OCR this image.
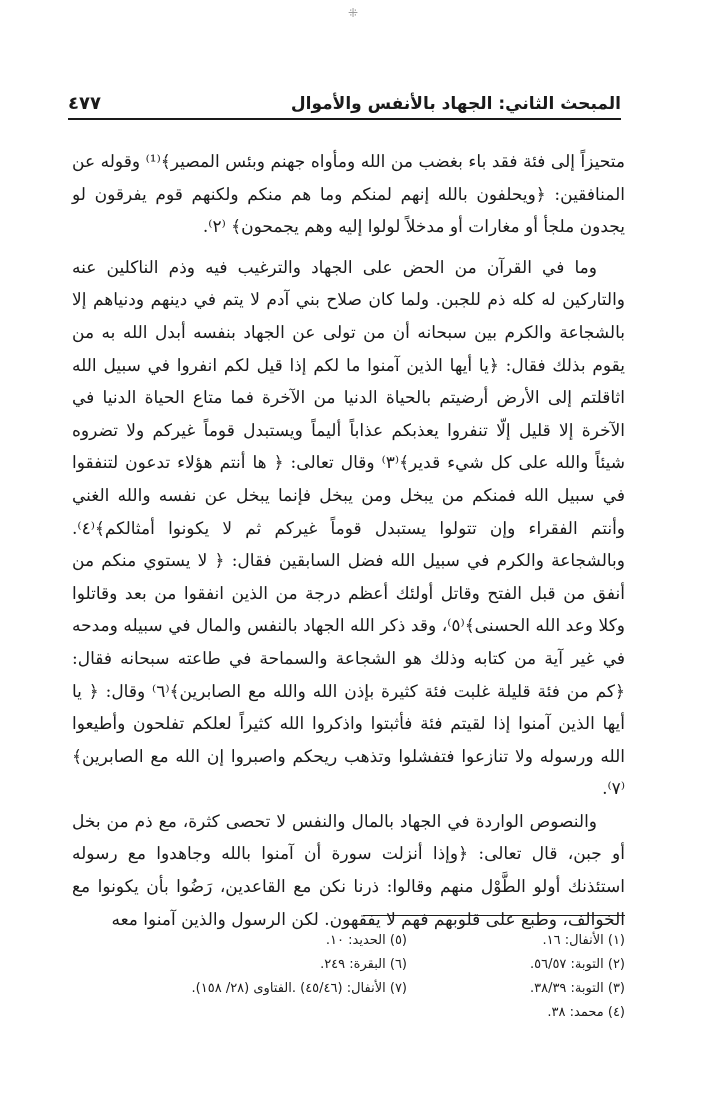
⁜
المبحث الثاني: الجهاد بالأنفس والأموال
٤٧٧

متحيزاً إلى فئة فقد باء بغضب من الله ومأواه جهنم وبئس المصير﴾⁽¹⁾ وقوله عن المنافقين: ﴿ويحلفون بالله إنهم لمنكم وما هم منكم ولكنهم قوم يفرقون لو يجدون ملجأ أو مغارات أو مدخلاً لولوا إليه وهم يجمحون﴾ ⁽٢⁾.

وما في القرآن من الحض على الجهاد والترغيب فيه وذم الناكلين عنه والتاركين له كله ذم للجبن. ولما كان صلاح بني آدم لا يتم في دينهم ودنياهم إلا بالشجاعة والكرم بين سبحانه أن من تولى عن الجهاد بنفسه أبدل الله به من يقوم بذلك فقال: ﴿يا أيها الذين آمنوا ما لكم إذا قيل لكم انفروا في سبيل الله اثاقلتم إلى الأرض أرضيتم بالحياة الدنيا من الآخرة فما متاع الحياة الدنيا في الآخرة إلا قليل إلّا تنفروا يعذبكم عذاباً أليماً ويستبدل قوماً غيركم ولا تضروه شيئاً والله على كل شيء قدير﴾⁽٣⁾ وقال تعالى: ﴿ ها أنتم هؤلاء تدعون لتنفقوا في سبيل الله فمنكم من يبخل ومن يبخل فإنما يبخل عن نفسه والله الغني وأنتم الفقراء وإن تتولوا يستبدل قوماً غيركم ثم لا يكونوا أمثالكم﴾⁽٤⁾. وبالشجاعة والكرم في سبيل الله فضل السابقين فقال: ﴿ لا يستوي منكم من أنفق من قبل الفتح وقاتل أولئك أعظم درجة من الذين انفقوا من بعد وقاتلوا وكلا وعد الله الحسنى﴾⁽٥⁾، وقد ذكر الله الجهاد بالنفس والمال في سبيله ومدحه في غير آية من كتابه وذلك هو الشجاعة والسماحة في طاعته سبحانه فقال: ﴿كم من فئة قليلة غلبت فئة كثيرة بإذن الله والله مع الصابرين﴾⁽٦⁾ وقال: ﴿ يا أيها الذين آمنوا إذا لقيتم فئة فأثبتوا واذكروا الله كثيراً لعلكم تفلحون وأطيعوا الله ورسوله ولا تنازعوا فتفشلوا وتذهب ريحكم واصبروا إن الله مع الصابرين﴾ ⁽٧⁾.

والنصوص الواردة في الجهاد بالمال والنفس لا تحصى كثرة، مع ذم من بخل أو جبن، قال تعالى: ﴿وإذا أنزلت سورة أن آمنوا بالله وجاهدوا مع رسوله استئذنك أولو الطَّوْل منهم وقالوا: ذرنا نكن مع القاعدين، رَضُوا بأن يكونوا مع الخوالف، وطبع على قلوبهم فهم لا يفقهون. لكن الرسول والذين آمنوا معه

(١) الأنفال: ١٦.
(٥) الحديد: ١٠.
(٢) التوبة: ٥٦/٥٧.
(٦) البقرة: ٢٤٩.
(٣) التوبة: ٣٨/٣٩.
(٧) الأنفال: (٤٥/٤٦) .الفتاوى (٢٨/ ١٥٨).
(٤) محمد: ٣٨.
